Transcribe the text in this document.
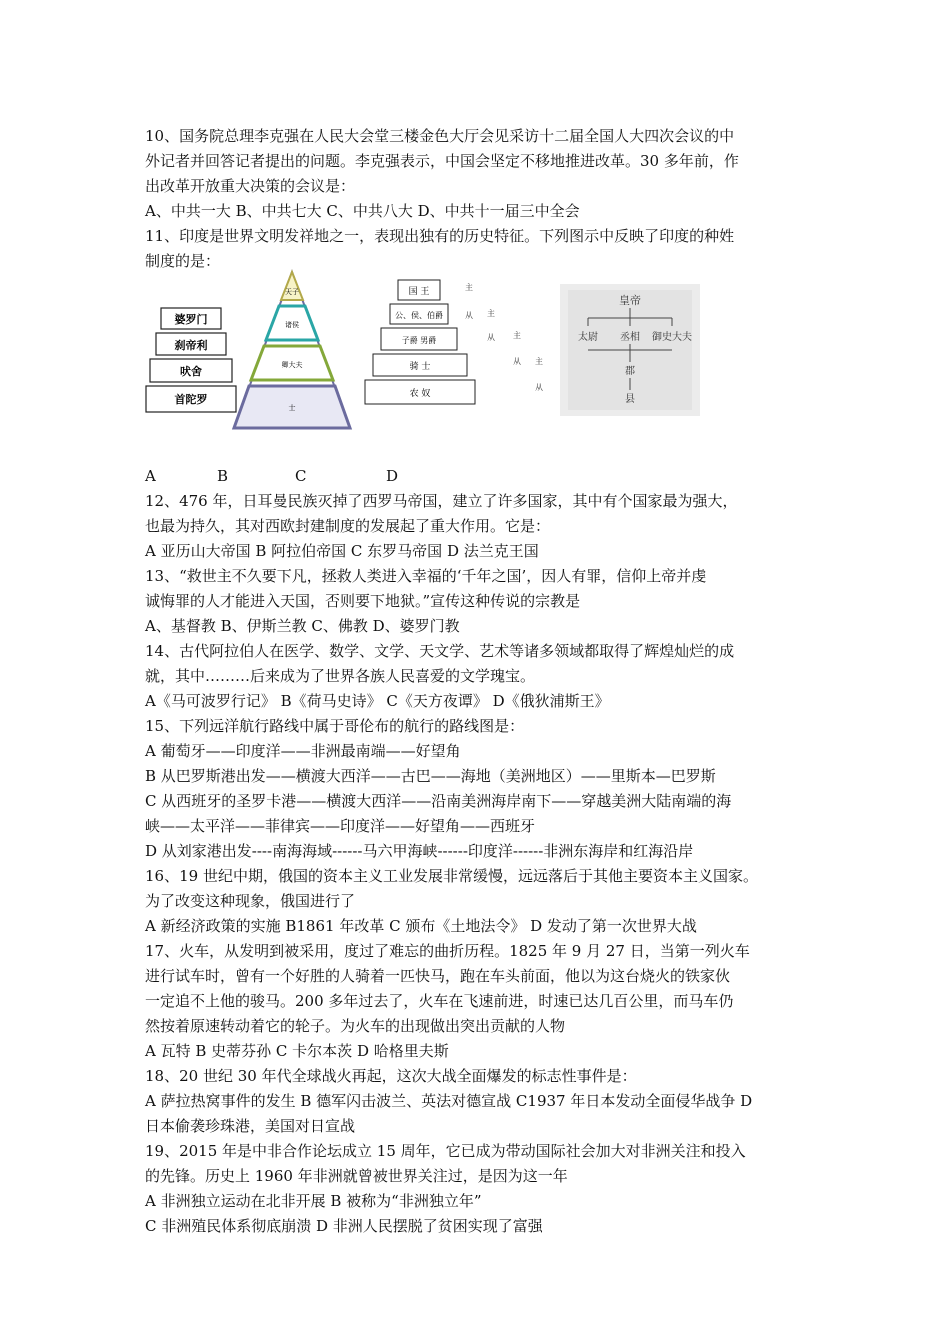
10、国务院总理李克强在人民大会堂三楼金色大厅会见采访十二届全国人大四次会议的中
外记者并回答记者提出的问题。李克强表示，中国会坚定不移地推进改革。30 多年前，作
出改革开放重大决策的会议是：
A、中共一大 B、中共七大 C、中共八大 D、中共十一届三中全会
11、印度是世界文明发祥地之一，表现出独有的历史特征。下列图示中反映了印度的种姓
制度的是：
婆罗门
刹帝利
吠舍
首陀罗
天子
诸侯
卿大夫
士
国 王
公、侯、伯爵
子爵 男爵
骑 士
农 奴
主
从 主
从 主
从 主
从
皇帝
太尉 丞相 御史大夫
郡
县
A	B	C	D
12、476 年，日耳曼民族灭掉了西罗马帝国，建立了许多国家，其中有个国家最为强大，
也最为持久，其对西欧封建制度的发展起了重大作用。它是：
A 亚历山大帝国 B 阿拉伯帝国 C 东罗马帝国 D 法兰克王国
13、“救世主不久要下凡，拯救人类进入幸福的‘千年之国’，因人有罪，信仰上帝并虔
诚悔罪的人才能进入天国，否则要下地狱。”宣传这种传说的宗教是
A、基督教 B、伊斯兰教 C、佛教 D、婆罗门教
14、古代阿拉伯人在医学、数学、文学、天文学、艺术等诸多领域都取得了辉煌灿烂的成
就，其中………后来成为了世界各族人民喜爱的文学瑰宝。
A《马可波罗行记》 B《荷马史诗》 C《天方夜谭》 D《俄狄浦斯王》
15、下列远洋航行路线中属于哥伦布的航行的路线图是：
A 葡萄牙——印度洋——非洲最南端——好望角
B 从巴罗斯港出发——横渡大西洋——古巴——海地（美洲地区）——里斯本—巴罗斯
C 从西班牙的圣罗卡港——横渡大西洋——沿南美洲海岸南下——穿越美洲大陆南端的海
峡——太平洋——菲律宾——印度洋——好望角——西班牙
D 从刘家港出发----南海海域------马六甲海峡------印度洋------非洲东海岸和红海沿岸
16、19 世纪中期，俄国的资本主义工业发展非常缓慢，远远落后于其他主要资本主义国家。
为了改变这种现象，俄国进行了
A 新经济政策的实施 B1861 年改革 C 颁布《土地法令》 D 发动了第一次世界大战
17、火车，从发明到被采用，度过了难忘的曲折历程。1825 年 9 月 27 日，当第一列火车
进行试车时，曾有一个好胜的人骑着一匹快马，跑在车头前面，他以为这台烧火的铁家伙
一定追不上他的骏马。200 多年过去了，火车在飞速前进，时速已达几百公里，而马车仍
然按着原速转动着它的轮子。为火车的出现做出突出贡献的人物
A 瓦特 B 史蒂芬孙 C 卡尔本茨 D 哈格里夫斯
18、20 世纪 30 年代全球战火再起，这次大战全面爆发的标志性事件是：
A 萨拉热窝事件的发生 B 德军闪击波兰、英法对德宣战 C1937 年日本发动全面侵华战争 D
日本偷袭珍珠港，美国对日宣战
19、2015 年是中非合作论坛成立 15 周年，它已成为带动国际社会加大对非洲关注和投入
的先锋。历史上 1960 年非洲就曾被世界关注过，是因为这一年
A 非洲独立运动在北非开展 B 被称为“非洲独立年”
C 非洲殖民体系彻底崩溃 D 非洲人民摆脱了贫困实现了富强
